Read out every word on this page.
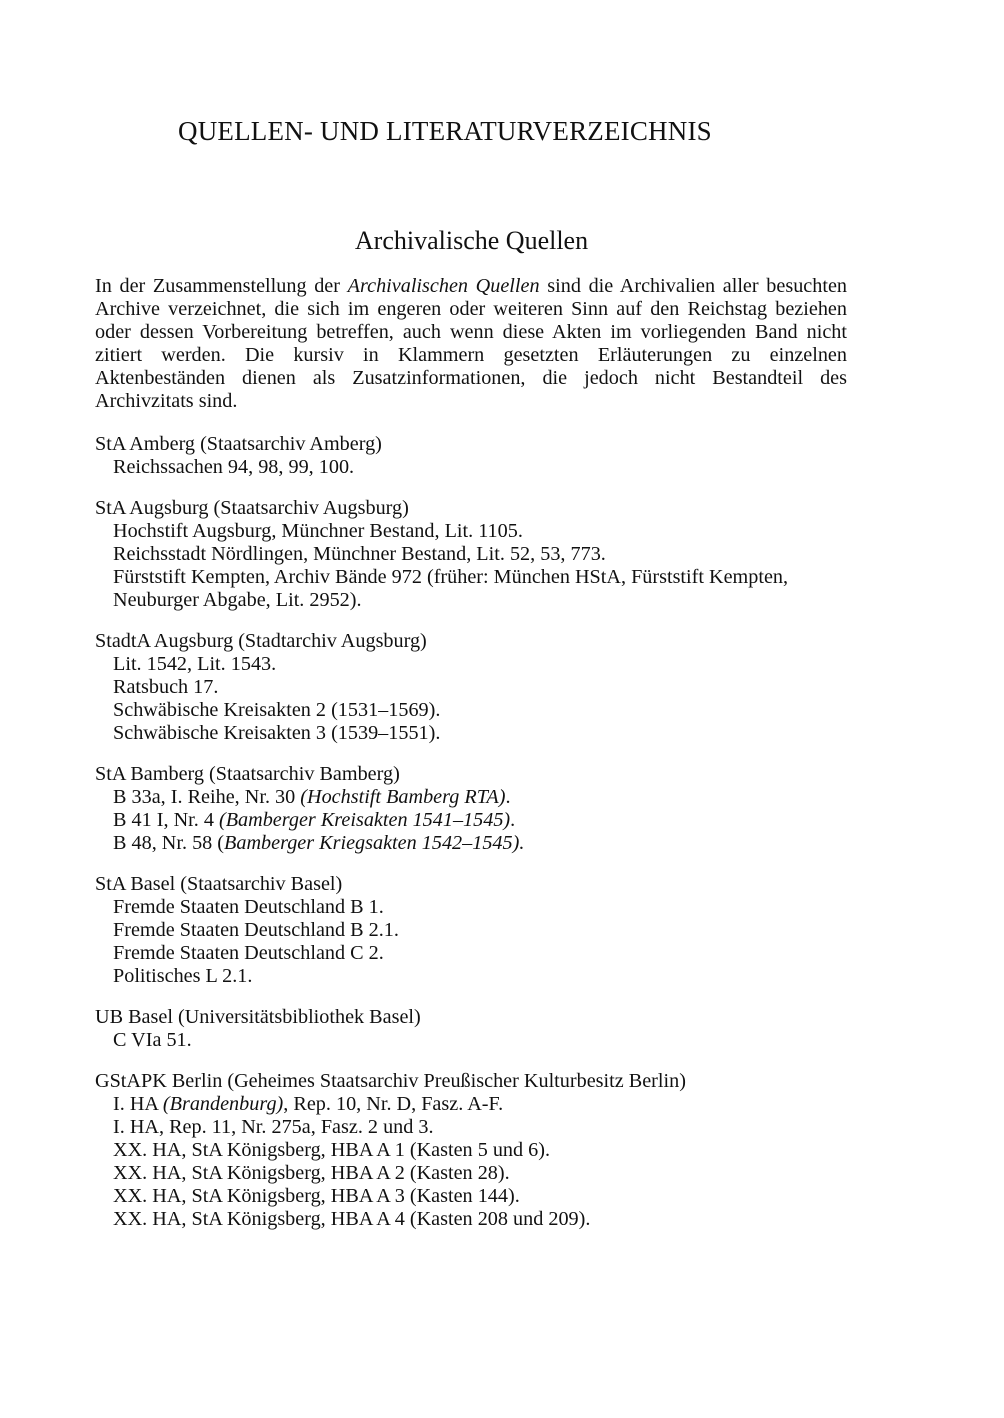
QUELLEN- UND LITERATURVERZEICHNIS
Archivalische Quellen

In der Zusammenstellung der Archivalischen Quellen sind die Archivalien aller besuchten Archive verzeichnet, die sich im engeren oder weiteren Sinn auf den Reichstag beziehen oder dessen Vorbereitung betreffen, auch wenn diese Akten im vorliegenden Band nicht zitiert werden. Die kursiv in Klammern gesetzten Erläuterungen zu einzelnen Aktenbeständen dienen als Zusatzinformationen, die jedoch nicht Bestandteil des Archivzitats sind.

StA Amberg (Staatsarchiv Amberg)
Reichssachen 94, 98, 99, 100.
StA Augsburg (Staatsarchiv Augsburg)
Hochstift Augsburg, Münchner Bestand, Lit. 1105.
Reichsstadt Nördlingen, Münchner Bestand, Lit. 52, 53, 773.
Fürststift Kempten, Archiv Bände 972 (früher: München HStA, Fürststift Kempten, Neuburger Abgabe, Lit. 2952).
StadtA Augsburg (Stadtarchiv Augsburg)
Lit. 1542, Lit. 1543.
Ratsbuch 17.
Schwäbische Kreisakten 2 (1531–1569).
Schwäbische Kreisakten 3 (1539–1551).
StA Bamberg (Staatsarchiv Bamberg)
B 33a, I. Reihe, Nr. 30 (Hochstift Bamberg RTA).
B 41 I, Nr. 4 (Bamberger Kreisakten 1541–1545).
B 48, Nr. 58 (Bamberger Kriegsakten 1542–1545).
StA Basel (Staatsarchiv Basel)
Fremde Staaten Deutschland B 1.
Fremde Staaten Deutschland B 2.1.
Fremde Staaten Deutschland C 2.
Politisches L 2.1.
UB Basel (Universitätsbibliothek Basel)
C VIa 51.
GStAPK Berlin (Geheimes Staatsarchiv Preußischer Kulturbesitz Berlin)
I. HA (Brandenburg), Rep. 10, Nr. D, Fasz. A-F.
I. HA, Rep. 11, Nr. 275a, Fasz. 2 und 3.
XX. HA, StA Königsberg, HBA A 1 (Kasten 5 und 6).
XX. HA, StA Königsberg, HBA A 2 (Kasten 28).
XX. HA, StA Königsberg, HBA A 3 (Kasten 144).
XX. HA, StA Königsberg, HBA A 4 (Kasten 208 und 209).
